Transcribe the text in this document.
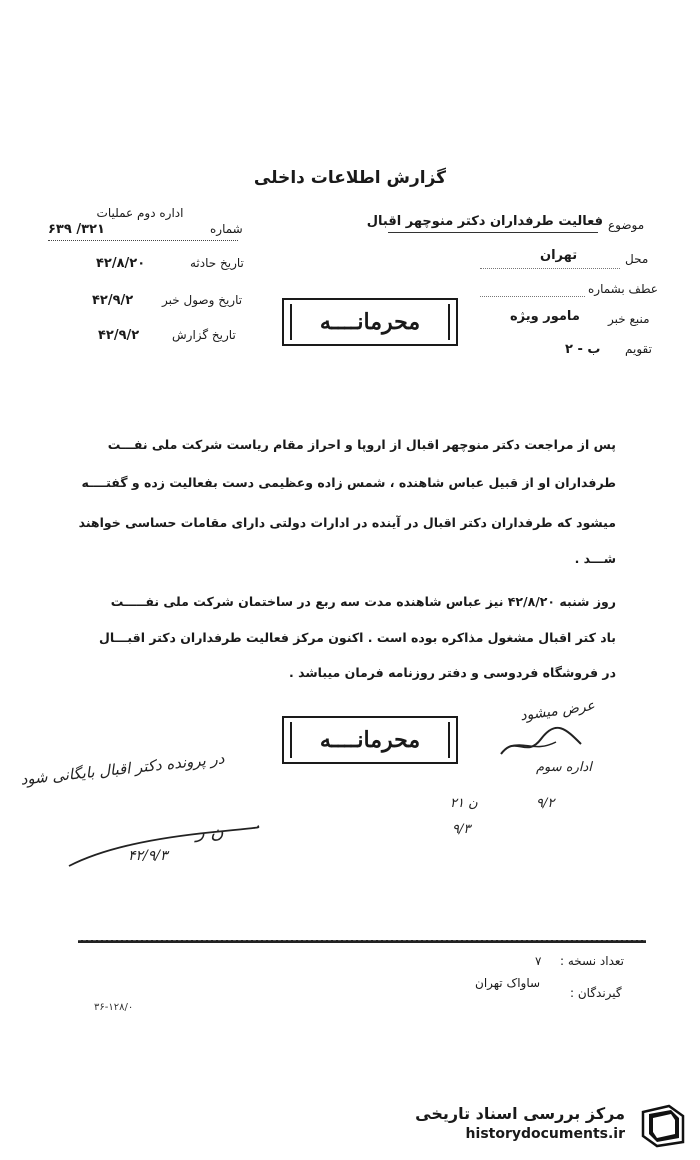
گزارش اطلاعات داخلی
اداره دوم عملیات
شماره
۳۲۱/ ۶۳۹
تاریخ حادثه
۴۲/۸/۲۰
تاریخ وصول خبر
۴۲/۹/۲
تاریخ گزارش
۴۲/۹/۲
موضوع
فعالیت طرفداران دکتر منوچهر اقبال
محل
تهران
عطف بشماره
منبع خبر
مامور ویژه
تقویم
ب - ۲
محرمانــــه
پس از مراجعت دکتر منوچهر اقبال از اروپا و احراز مقام ریاست شرکت ملی نفـــت
طرفداران او از قبیل عباس شاهنده ، شمس زاده وعظیمی دست بفعالیت زده و گفتــــه
میشود که طرفداران دکتر اقبال در آینده در ادارات دولتی دارای مقامات حساسی خواهند
شـــد .
روز شنبه ۴۲/۸/۲۰ نیز عباس شاهنده مدت سه ربع در ساختمان شرکت ملی نفـــــت
باد کتر اقبال مشغول مذاکره بوده است . اکنون مرکز فعالیت طرفداران دکتر اقبـــال
در فروشگاه فردوسی و دفتر روزنامه فرمان میباشد .
محرمانــــه
عرض میشود
اداره سوم
۹/۲
ن ۲۱
۹/۳
در پرونده دکتر اقبال بایگانی شود
ن ر
۴۲/۹/۳
تعداد نسخه :
۷
گیرندگان :
ساواک تهران
۳۶-۱۲۸/۰
مرکز بررسی اسناد تاریخی
historydocuments.ir
